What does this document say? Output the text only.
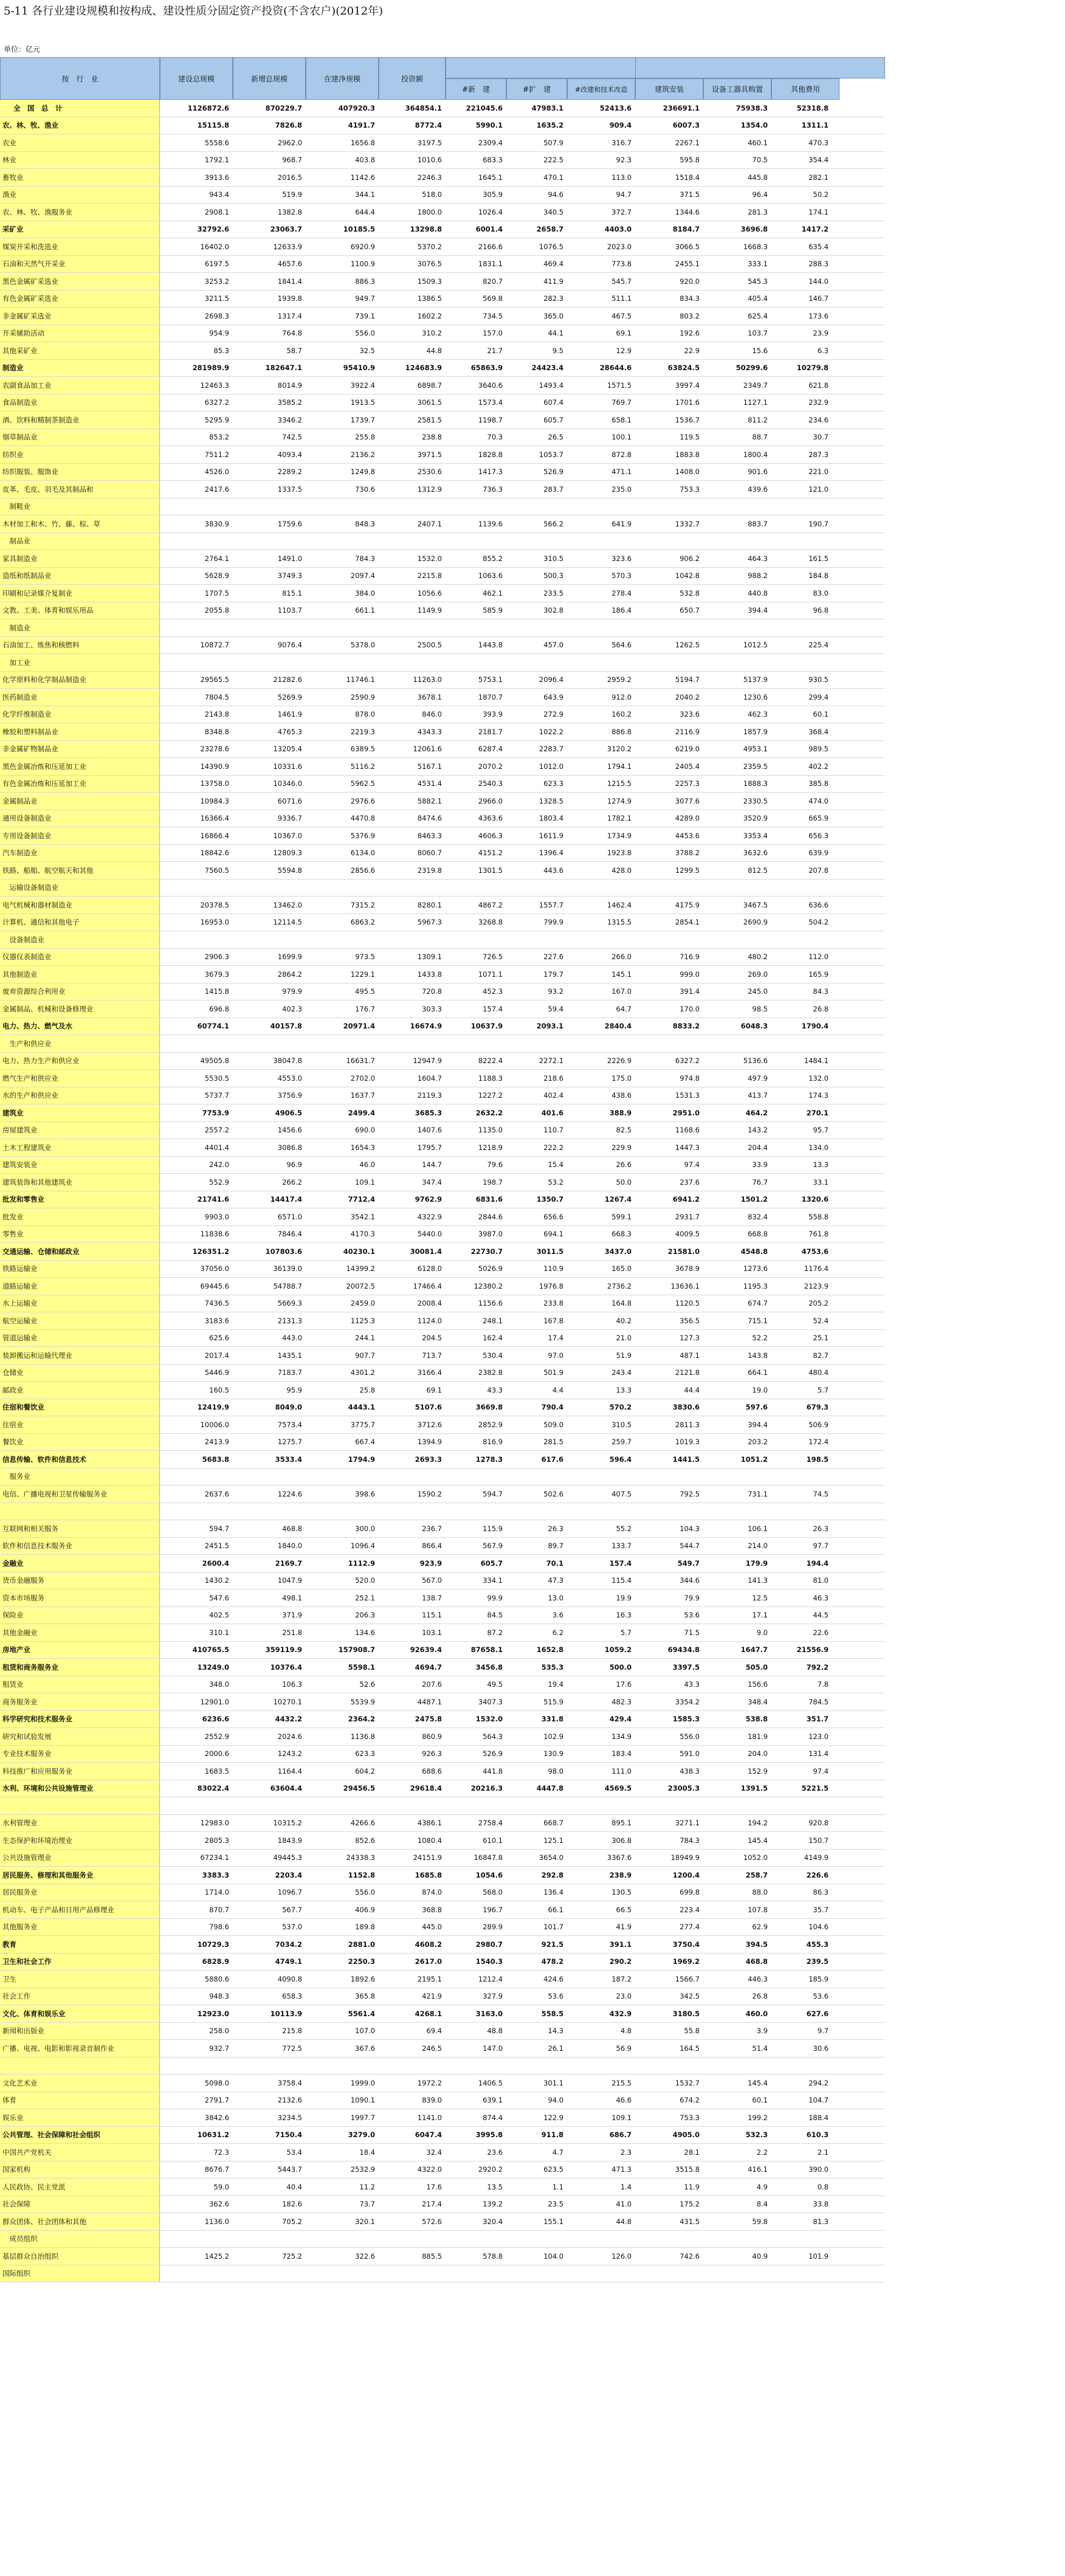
5-11 各行业建设规模和按构成、建设性质分固定资产投资(不含农户)(2012年)
单位：亿元
按　行　业	建设总规模	新增总规模	在建净规模	投资额
#新　建	#扩　建	#改建和技术改造	建筑安装	设备工器具购置	其他费用
全　国　总　计	1126872.6	870229.7	407920.3	364854.1	221045.6	47983.1	52413.6	236691.1	75938.3	52318.8
农、林、牧、渔业	15115.8	7826.8	4191.7	8772.4	5990.1	1635.2	909.4	6007.3	1354.0	1311.1
农业	5558.6	2962.0	1656.8	3197.5	2309.4	507.9	316.7	2267.1	460.1	470.3
林业	1792.1	968.7	403.8	1010.6	683.3	222.5	92.3	595.8	70.5	354.4
畜牧业	3913.6	2016.5	1142.6	2246.3	1645.1	470.1	113.0	1518.4	445.8	282.1
渔业	943.4	519.9	344.1	518.0	305.9	94.6	94.7	371.5	96.4	50.2
农、林、牧、渔服务业	2908.1	1382.8	644.4	1800.0	1026.4	340.5	372.7	1344.6	281.3	174.1
采矿业	32792.6	23063.7	10185.5	13298.8	6001.4	2658.7	4403.0	8184.7	3696.8	1417.2
煤炭开采和洗选业	16402.0	12633.9	6920.9	5370.2	2166.6	1076.5	2023.0	3066.5	1668.3	635.4
石油和天然气开采业	6197.5	4657.6	1100.9	3076.5	1831.1	469.4	773.8	2455.1	333.1	288.3
黑色金属矿采选业	3253.2	1841.4	886.3	1509.3	820.7	411.9	545.7	920.0	545.3	144.0
有色金属矿采选业	3211.5	1939.8	949.7	1386.5	569.8	282.3	511.1	834.3	405.4	146.7
非金属矿采选业	2698.3	1317.4	739.1	1602.2	734.5	365.0	467.5	803.2	625.4	173.6
开采辅助活动	954.9	764.8	556.0	310.2	157.0	44.1	69.1	192.6	103.7	23.9
其他采矿业	85.3	58.7	32.5	44.8	21.7	9.5	12.9	22.9	15.6	6.3
制造业	281989.9	182647.1	95410.9	124683.9	65863.9	24423.4	28644.6	63824.5	50299.6	10279.8
农副食品加工业	12463.3	8014.9	3922.4	6898.7	3640.6	1493.4	1571.5	3997.4	2349.7	621.8
食品制造业	6327.2	3585.2	1913.5	3061.5	1573.4	607.4	769.7	1701.6	1127.1	232.9
酒、饮料和精制茶制造业	5295.9	3346.2	1739.7	2581.5	1198.7	605.7	658.1	1536.7	811.2	234.6
烟草制品业	853.2	742.5	255.8	238.8	70.3	26.5	100.1	119.5	88.7	30.7
纺织业	7511.2	4093.4	2136.2	3971.5	1828.8	1053.7	872.8	1883.8	1800.4	287.3
纺织服装、服饰业	4526.0	2289.2	1249.8	2530.6	1417.3	526.9	471.1	1408.0	901.6	221.0
皮革、毛皮、羽毛及其制品和	2417.6	1337.5	730.6	1312.9	736.3	283.7	235.0	753.3	439.6	121.0
　制鞋业
木材加工和木、竹、藤、棕、草	3830.9	1759.6	848.3	2407.1	1139.6	566.2	641.9	1332.7	883.7	190.7
　制品业
家具制造业	2764.1	1491.0	784.3	1532.0	855.2	310.5	323.6	906.2	464.3	161.5
造纸和纸制品业	5628.9	3749.3	2097.4	2215.8	1063.6	500.3	570.3	1042.8	988.2	184.8
印刷和记录媒介复制业	1707.5	815.1	384.0	1056.6	462.1	233.5	278.4	532.8	440.8	83.0
文教、工美、体育和娱乐用品	2055.8	1103.7	661.1	1149.9	585.9	302.8	186.4	650.7	394.4	96.8
　制造业
石油加工、炼焦和核燃料	10872.7	9076.4	5378.0	2500.5	1443.8	457.0	564.6	1262.5	1012.5	225.4
　加工业
化学原料和化学制品制造业	29565.5	21282.6	11746.1	11263.0	5753.1	2096.4	2959.2	5194.7	5137.9	930.5
医药制造业	7804.5	5269.9	2590.9	3678.1	1870.7	643.9	912.0	2040.2	1230.6	299.4
化学纤维制造业	2143.8	1461.9	878.0	846.0	393.9	272.9	160.2	323.6	462.3	60.1
橡胶和塑料制品业	8348.8	4765.3	2219.3	4343.3	2181.7	1022.2	886.8	2116.9	1857.9	368.4
非金属矿物制品业	23278.6	13205.4	6389.5	12061.6	6287.4	2283.7	3120.2	6219.0	4953.1	989.5
黑色金属冶炼和压延加工业	14390.9	10331.6	5116.2	5167.1	2070.2	1012.0	1794.1	2405.4	2359.5	402.2
有色金属冶炼和压延加工业	13758.0	10346.0	5962.5	4531.4	2540.3	623.3	1215.5	2257.3	1888.3	385.8
金属制品业	10984.3	6071.6	2976.6	5882.1	2966.0	1328.5	1274.9	3077.6	2330.5	474.0
通用设备制造业	16366.4	9336.7	4470.8	8474.6	4363.6	1803.4	1782.1	4289.0	3520.9	665.9
专用设备制造业	16866.4	10367.0	5376.9	8463.3	4606.3	1611.9	1734.9	4453.6	3353.4	656.3
汽车制造业	18842.6	12809.3	6134.0	8060.7	4151.2	1396.4	1923.8	3788.2	3632.6	639.9
铁路、船舶、航空航天和其他	7560.5	5594.8	2856.6	2319.8	1301.5	443.6	428.0	1299.5	812.5	207.8
　运输设备制造业
电气机械和器材制造业	20378.5	13462.0	7315.2	8280.1	4867.2	1557.7	1462.4	4175.9	3467.5	636.6
计算机、通信和其他电子	16953.0	12114.5	6863.2	5967.3	3268.8	799.9	1315.5	2854.1	2690.9	504.2
　设备制造业
仪器仪表制造业	2906.3	1699.9	973.5	1309.1	726.5	227.6	266.0	716.9	480.2	112.0
其他制造业	3679.3	2864.2	1229.1	1433.8	1071.1	179.7	145.1	999.0	269.0	165.9
废弃资源综合利用业	1415.8	979.9	495.5	720.8	452.3	93.2	167.0	391.4	245.0	84.3
金属制品、机械和设备修理业	696.8	402.3	176.7	303.3	157.4	59.4	64.7	170.0	98.5	26.8
电力、热力、燃气及水	60774.1	40157.8	20971.4	16674.9	10637.9	2093.1	2840.4	8833.2	6048.3	1790.4
　生产和供应业
电力、热力生产和供应业	49505.8	38047.8	16631.7	12947.9	8222.4	2272.1	2226.9	6327.2	5136.6	1484.1
燃气生产和供应业	5530.5	4553.0	2702.0	1604.7	1188.3	218.6	175.0	974.8	497.9	132.0
水的生产和供应业	5737.7	3756.9	1637.7	2119.3	1227.2	402.4	438.6	1531.3	413.7	174.3
建筑业	7753.9	4906.5	2499.4	3685.3	2632.2	401.6	388.9	2951.0	464.2	270.1
房屋建筑业	2557.2	1456.6	690.0	1407.6	1135.0	110.7	82.5	1168.6	143.2	95.7
土木工程建筑业	4401.4	3086.8	1654.3	1795.7	1218.9	222.2	229.9	1447.3	204.4	134.0
建筑安装业	242.0	96.9	46.0	144.7	79.6	15.4	26.6	97.4	33.9	13.3
建筑装饰和其他建筑业	552.9	266.2	109.1	347.4	198.7	53.2	50.0	237.6	76.7	33.1
批发和零售业	21741.6	14417.4	7712.4	9762.9	6831.6	1350.7	1267.4	6941.2	1501.2	1320.6
批发业	9903.0	6571.0	3542.1	4322.9	2844.6	656.6	599.1	2931.7	832.4	558.8
零售业	11838.6	7846.4	4170.3	5440.0	3987.0	694.1	668.3	4009.5	668.8	761.8
交通运输、仓储和邮政业	126351.2	107803.6	40230.1	30081.4	22730.7	3011.5	3437.0	21581.0	4548.8	4753.6
铁路运输业	37056.0	36139.0	14399.2	6128.0	5026.9	110.9	165.0	3678.9	1273.6	1176.4
道路运输业	69445.6	54788.7	20072.5	17466.4	12380.2	1976.8	2736.2	13636.1	1195.3	2123.9
水上运输业	7436.5	5669.3	2459.0	2008.4	1156.6	233.8	164.8	1120.5	674.7	205.2
航空运输业	3183.6	2131.3	1125.3	1124.0	248.1	167.8	40.2	356.5	715.1	52.4
管道运输业	625.6	443.0	244.1	204.5	162.4	17.4	21.0	127.3	52.2	25.1
装卸搬运和运输代理业	2017.4	1435.1	907.7	713.7	530.4	97.0	51.9	487.1	143.8	82.7
仓储业	5446.9	7183.7	4301.2	3166.4	2382.8	501.9	243.4	2121.8	664.1	480.4
邮政业	160.5	95.9	25.8	69.1	43.3	4.4	13.3	44.4	19.0	5.7
住宿和餐饮业	12419.9	8049.0	4443.1	5107.6	3669.8	790.4	570.2	3830.6	597.6	679.3
住宿业	10006.0	7573.4	3775.7	3712.6	2852.9	509.0	310.5	2811.3	394.4	506.9
餐饮业	2413.9	1275.7	667.4	1394.9	816.9	281.5	259.7	1019.3	203.2	172.4
信息传输、软件和信息技术	5683.8	3533.4	1794.9	2693.3	1278.3	617.6	596.4	1441.5	1051.2	198.5
　服务业
电信、广播电视和卫星传输服务业	2637.6	1224.6	398.6	1590.2	594.7	502.6	407.5	792.5	731.1	74.5
互联网和相关服务	594.7	468.8	300.0	236.7	115.9	26.3	55.2	104.3	106.1	26.3
软件和信息技术服务业	2451.5	1840.0	1096.4	866.4	567.9	89.7	133.7	544.7	214.0	97.7
金融业	2600.4	2169.7	1112.9	923.9	605.7	70.1	157.4	549.7	179.9	194.4
货币金融服务	1430.2	1047.9	520.0	567.0	334.1	47.3	115.4	344.6	141.3	81.0
资本市场服务	547.6	498.1	252.1	138.7	99.9	13.0	19.9	79.9	12.5	46.3
保险业	402.5	371.9	206.3	115.1	84.5	3.6	16.3	53.6	17.1	44.5
其他金融业	310.1	251.8	134.6	103.1	87.2	6.2	5.7	71.5	9.0	22.6
房地产业	410765.5	359119.9	157908.7	92639.4	87658.1	1652.8	1059.2	69434.8	1647.7	21556.9
租赁和商务服务业	13249.0	10376.4	5598.1	4694.7	3456.8	535.3	500.0	3397.5	505.0	792.2
租赁业	348.0	106.3	52.6	207.6	49.5	19.4	17.6	43.3	156.6	7.8
商务服务业	12901.0	10270.1	5539.9	4487.1	3407.3	515.9	482.3	3354.2	348.4	784.5
科学研究和技术服务业	6236.6	4432.2	2364.2	2475.8	1532.0	331.8	429.4	1585.3	538.8	351.7
研究和试验发展	2552.9	2024.6	1136.8	860.9	564.3	102.9	134.9	556.0	181.9	123.0
专业技术服务业	2000.6	1243.2	623.3	926.3	526.9	130.9	183.4	591.0	204.0	131.4
科技推广和应用服务业	1683.5	1164.4	604.2	688.6	441.8	98.0	111.0	438.3	152.9	97.4
水利、环境和公共设施管理业	83022.4	63604.4	29456.5	29618.4	20216.3	4447.8	4569.5	23005.3	1391.5	5221.5
水利管理业	12983.0	10315.2	4266.6	4386.1	2758.4	668.7	895.1	3271.1	194.2	920.8
生态保护和环境治理业	2805.3	1843.9	852.6	1080.4	610.1	125.1	306.8	784.3	145.4	150.7
公共设施管理业	67234.1	49445.3	24338.3	24151.9	16847.8	3654.0	3367.6	18949.9	1052.0	4149.9
居民服务、修理和其他服务业	3383.3	2203.4	1152.8	1685.8	1054.6	292.8	238.9	1200.4	258.7	226.6
居民服务业	1714.0	1096.7	556.0	874.0	568.0	136.4	130.5	699.8	88.0	86.3
机动车、电子产品和日用产品修理业	870.7	567.7	406.9	368.8	196.7	66.1	66.5	223.4	107.8	35.7
其他服务业	798.6	537.0	189.8	445.0	289.9	101.7	41.9	277.4	62.9	104.6
教育	10729.3	7034.2	2881.0	4608.2	2980.7	921.5	391.1	3750.4	394.5	455.3
卫生和社会工作	6828.9	4749.1	2250.3	2617.0	1540.3	478.2	290.2	1969.2	468.8	239.5
卫生	5880.6	4090.8	1892.6	2195.1	1212.4	424.6	187.2	1566.7	446.3	185.9
社会工作	948.3	658.3	365.8	421.9	327.9	53.6	23.0	342.5	26.8	53.6
文化、体育和娱乐业	12923.0	10113.9	5561.4	4268.1	3163.0	558.5	432.9	3180.5	460.0	627.6
新闻和出版业	258.0	215.8	107.0	69.4	48.8	14.3	4.8	55.8	3.9	9.7
广播、电视、电影和影视录音制作业	932.7	772.5	367.6	246.5	147.0	26.1	56.9	164.5	51.4	30.6
文化艺术业	5098.0	3758.4	1999.0	1972.2	1406.5	301.1	215.5	1532.7	145.4	294.2
体育	2791.7	2132.6	1090.1	839.0	639.1	94.0	46.6	674.2	60.1	104.7
娱乐业	3842.6	3234.5	1997.7	1141.0	874.4	122.9	109.1	753.3	199.2	188.4
公共管理、社会保障和社会组织	10631.2	7150.4	3279.0	6047.4	3995.8	911.8	686.7	4905.0	532.3	610.3
中国共产党机关	72.3	53.4	18.4	32.4	23.6	4.7	2.3	28.1	2.2	2.1
国家机构	8676.7	5443.7	2532.9	4322.0	2920.2	623.5	471.3	3515.8	416.1	390.0
人民政协、民主党派	59.0	40.4	11.2	17.6	13.5	1.1	1.4	11.9	4.9	0.8
社会保障	362.6	182.6	73.7	217.4	139.2	23.5	41.0	175.2	8.4	33.8
群众团体、社会团体和其他	1136.0	705.2	320.1	572.6	320.4	155.1	44.8	431.5	59.8	81.3
　成员组织
基层群众自治组织	1425.2	725.2	322.6	885.5	578.8	104.0	126.0	742.6	40.9	101.9
国际组织
